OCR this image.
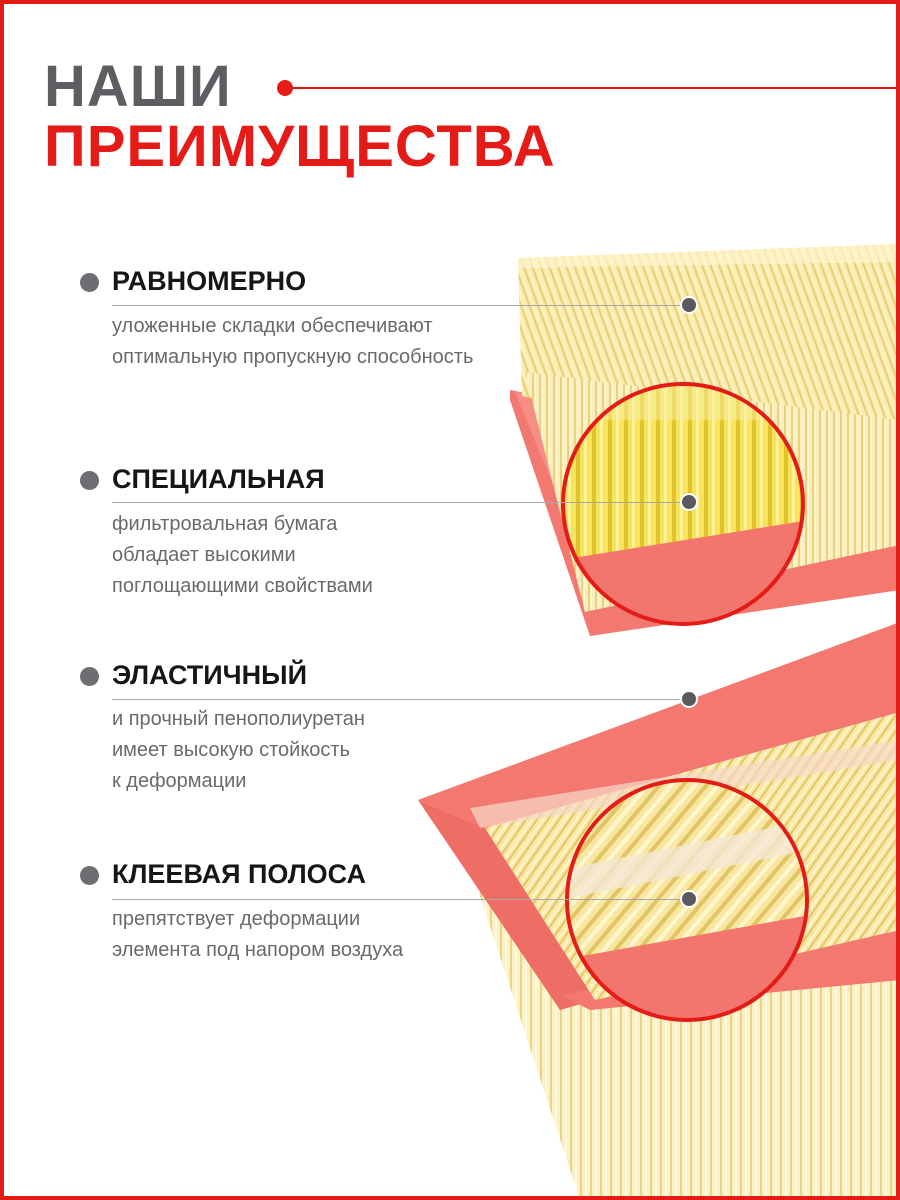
НАШИ
ПРЕИМУЩЕСТВА
РАВНОМЕРНО
уложенные складки обеспечивают
оптимальную пропускную способность
СПЕЦИАЛЬНАЯ
фильтровальная бумага
обладает высокими
поглощающими свойствами
ЭЛАСТИЧНЫЙ
и прочный пенополиуретан
имеет высокую стойкость
к деформации
КЛЕЕВАЯ ПОЛОСА
препятствует деформации
элемента под напором воздуха
